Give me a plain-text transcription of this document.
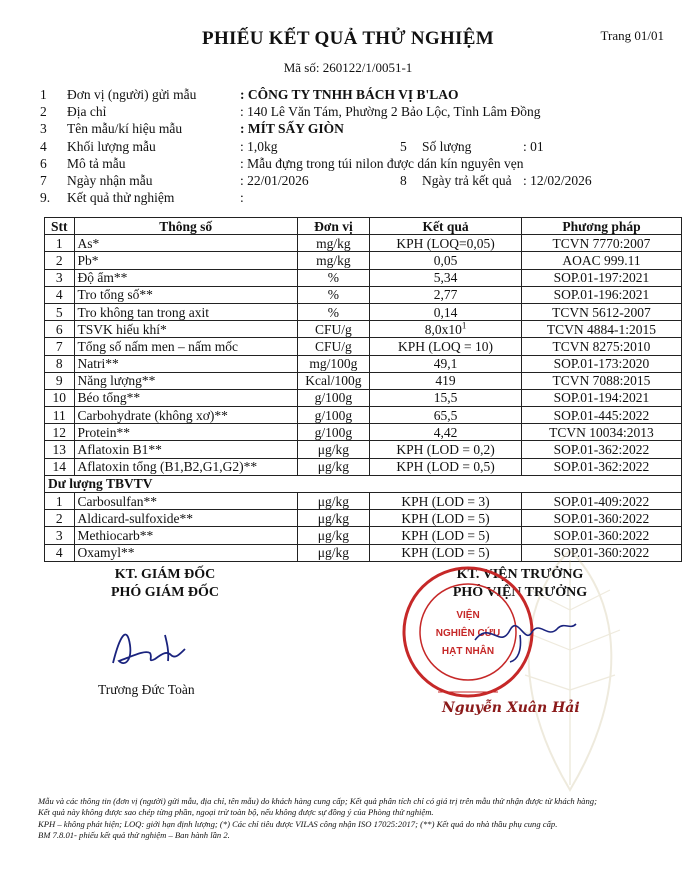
PHIẾU KẾT QUẢ THỬ NGHIỆM	Trang 01/01
Mã số: 260122/1/0051-1
1 Đơn vị (người) gửi mẫu	: CÔNG TY TNHH BÁCH VỊ B'LAO
2 Địa chỉ	: 140 Lê Văn Tám, Phường 2 Bảo Lộc, Tỉnh Lâm Đồng
3 Tên mẫu/kí hiệu mẫu	: MÍT SẤY GIÒN
4 Khối lượng mẫu	: 1,0kg	5 Số lượng	: 01
6 Mô tả mẫu	: Mẫu đựng trong túi nilon được dán kín nguyên vẹn
7 Ngày nhận mẫu	: 22/01/2026	8 Ngày trả kết quả : 12/02/2026
9. Kết quả thử nghiệm	:
Stt	Thông số	Đơn vị	Kết quả	Phương pháp
1	As*	mg/kg	KPH (LOQ=0,05)	TCVN 7770:2007
2	Pb*	mg/kg	0,05	AOAC 999.11
3	Độ ẩm**	%	5,34	SOP.01-197:2021
4	Tro tổng số**	%	2,77	SOP.01-196:2021
5	Tro không tan trong axit	%	0,14	TCVN 5612-2007
6	TSVK hiếu khí*	CFU/g	$8,0x10^1$	TCVN 4884-1:2015
7	Tổng số nấm men – nấm mốc	CFU/g	KPH (LOQ = 10)	TCVN 8275:2010
8	Natri**	mg/100g	49,1	SOP.01-173:2020
9	Năng lượng**	Kcal/100g	419	TCVN 7088:2015
10	Béo tổng**	g/100g	15,5	SOP.01-194:2021
11	Carbohydrate (không xơ)**	g/100g	65,5	SOP.01-445:2022
12	Protein**	g/100g	4,42	TCVN 10034:2013
13	Aflatoxin B1**	μg/kg	KPH (LOD = 0,2)	SOP.01-362:2022
14	Aflatoxin tổng (B1,B2,G1,G2)**	μg/kg	KPH (LOD = 0,5)	SOP.01-362:2022
Dư lượng TBVTV				
1	Carbosulfan**	μg/kg	KPH (LOD = 3)	SOP.01-409:2022
2	Aldicard-sulfoxide**	μg/kg	KPH (LOD = 5)	SOP.01-360:2022
3	Methiocarb**	μg/kg	KPH (LOD = 5)	SOP.01-360:2022
4	Oxamyl**	μg/kg	KPH (LOD = 5)	SOP.01-360:2022
KT. GIÁM ĐỐC
PHÓ GIÁM ĐỐC
Trương Đức Toàn
KT. VIỆN TRƯỞNG
PHÓ VIỆN TRƯỞNG
VIỆN
NGHIÊN CỨU
HẠT NHÂN
Nguyễn Xuân Hải
Mẫu và các thông tin (đơn vị (người) gửi mẫu, địa chỉ, tên mẫu) do khách hàng cung cấp; Kết quả phân tích chỉ có giá trị trên mẫu thử nhận được từ khách hàng;
Kết quả này không được sao chép từng phần, ngoại trừ toàn bộ, nếu không được sự đồng ý của Phòng thử nghiệm.
KPH – không phát hiện; LOQ: giới hạn định lượng; (*) Các chỉ tiêu được VILAS công nhận ISO 17025:2017; (**) Kết quả do nhà thầu phụ cung cấp.
BM 7.8.01- phiếu kết quả thử nghiệm – Ban hành lần 2.
